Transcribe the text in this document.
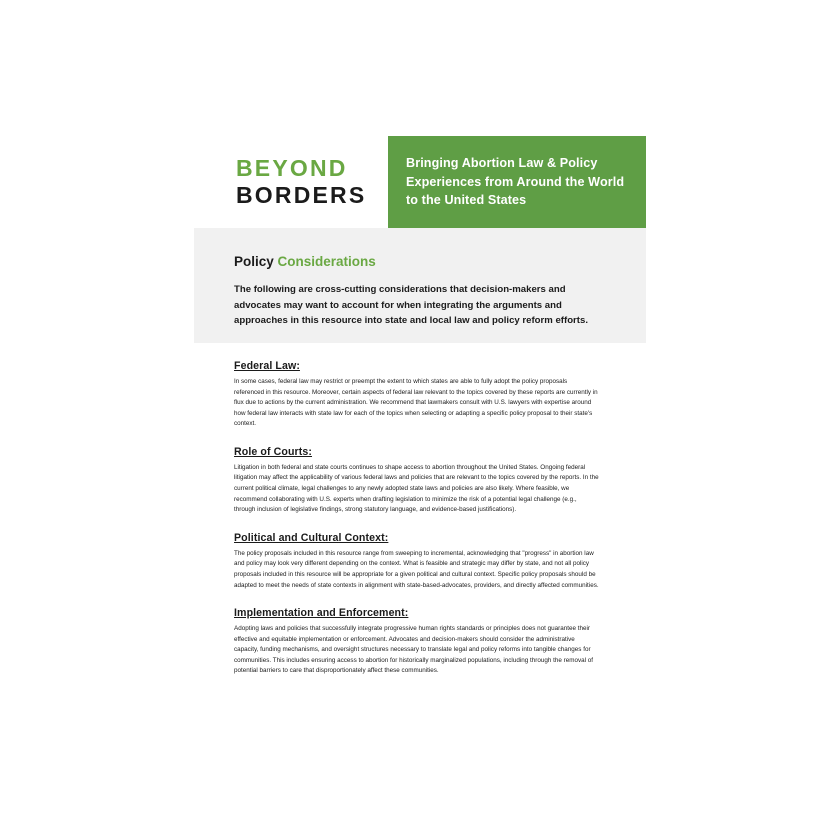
BEYOND
BORDERS
Bringing Abortion Law & Policy Experiences from Around the World to the United States
Policy Considerations

The following are cross-cutting considerations that decision-makers and advocates may want to account for when integrating the arguments and approaches in this resource into state and local law and policy reform efforts.

Federal Law:

In some cases, federal law may restrict or preempt the extent to which states are able to fully adopt the policy proposals referenced in this resource. Moreover, certain aspects of federal law relevant to the topics covered by these reports are currently in flux due to actions by the current administration. We recommend that lawmakers consult with U.S. lawyers with expertise around how federal law interacts with state law for each of the topics when selecting or adapting a specific policy proposal to their state's context.

Role of Courts:

Litigation in both federal and state courts continues to shape access to abortion throughout the United States. Ongoing federal litigation may affect the applicability of various federal laws and policies that are relevant to the topics covered by the reports. In the current political climate, legal challenges to any newly adopted state laws and policies are also likely. Where feasible, we recommend collaborating with U.S. experts when drafting legislation to minimize the risk of a potential legal challenge (e.g., through inclusion of legislative findings, strong statutory language, and evidence-based justifications).

Political and Cultural Context:

The policy proposals included in this resource range from sweeping to incremental, acknowledging that "progress" in abortion law and policy may look very different depending on the context. What is feasible and strategic may differ by state, and not all policy proposals included in this resource will be appropriate for a given political and cultural context. Specific policy proposals should be adapted to meet the needs of state contexts in alignment with state-based-advocates, providers, and directly affected communities.

Implementation and Enforcement:

Adopting laws and policies that successfully integrate progressive human rights standards or principles does not guarantee their effective and equitable implementation or enforcement. Advocates and decision-makers should consider the administrative capacity, funding mechanisms, and oversight structures necessary to translate legal and policy reforms into tangible changes for communities. This includes ensuring access to abortion for historically marginalized populations, including through the removal of potential barriers to care that disproportionately affect these communities.
